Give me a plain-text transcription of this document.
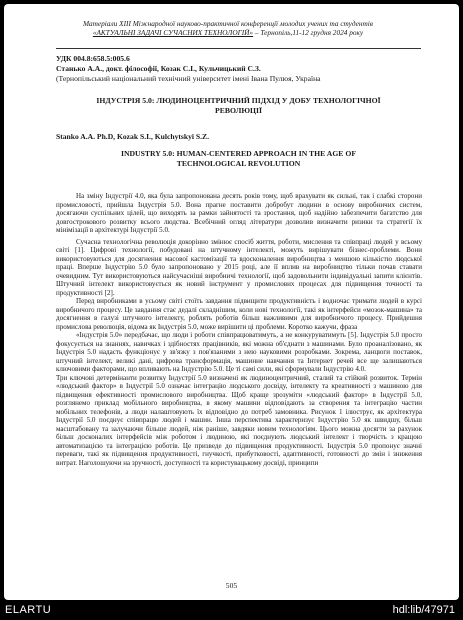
Матеріали XIII Міжнародної науково-практичної конференції молодих учених та студентів
«АКТУАЛЬНІ ЗАДАЧІ СУЧАСНИХ ТЕХНОЛОГІЙ» – Тернопіль,11-12 грудня 2024 року
УДК 004.8:658.5:005.6
Станько А.А., докт. філософії, Козак С.І., Кульчицький С.З.
(Тернопільський національний технічний університет імені Івана Пулюя, Україна
ІНДУСТРІЯ 5.0: ЛЮДИНОЦЕНТРИЧНИЙ ПІДХІД У ДОБУ ТЕХНОЛОГІЧНОЇ РЕВОЛЮЦІЇ
Stanko A.A. Ph.D, Kozak S.I., Kulchytskyi S.Z.
INDUSTRY 5.0: HUMAN-CENTERED APPROACH IN THE AGE OF TECHNOLOGICAL REVOLUTION

На зміну Індустрії 4.0, яка була запропонована десять років тому, щоб врахувати як сильні, так і слабкі сторони промисловості, прийшла Індустрія 5.0. Вона прагне поставити добробут людини в основу виробничих систем, досягаючи суспільних цілей, що виходять за рамки зайнятості та зростання, щоб надійно забезпечити багатство для довгострокового розвитку всього людства. Всебічний огляд літератури дозволив визначити ризики та стратегії їх мінімізації в архітектурі Індустрії 5.0.

Сучасна технологічна революція докорінно змінює спосіб життя, роботи, мислення та співпраці людей у всьому світі [1]. Цифрові технології, побудовані на штучному інтелекті, можуть вирішувати бізнес-проблеми. Вони використовуються для досягнення масової кастомізації та вдосконалення виробництва з меншою кількістю людської праці. Вперше Індустрію 5.0 було запропоновано у 2015 році, але її вплив на виробництво тільки почав ставати очевидним. Тут використовуються найсучасніші виробничі технології, щоб задовольнити індивідуальні запити клієнтів. Штучний інтелект використовується як новий інструмент у промислових процесах для підвищення точності та продуктивності [2].

Перед виробниками в усьому світі стоїть завдання підвищити продуктивність і водночас тримати людей в курсі виробничого процесу. Це завдання стає дедалі складнішим, коли нові технології, такі як інтерфейси «мозок-машина» та досягнення в галузі штучного інтелекту, роблять роботів більш важливими для виробничого процесу. Прийдешня промислова революція, відома як Індустрія 5.0, може вирішити ці проблеми. Коротко кажучи, фраза

«Індустрія 5.0» передбачає, що люди і роботи співпрацюватимуть, а не конкуруватимуть [5]. Індустрія 5.0 просто фокусується на знаннях, навичках і здібностях працівників, які можна об'єднати з машинами. Було проаналізовано, як Індустрія 5.0 надасть функціонує у зв'язку з пов'язаними з нею науковими розробками. Зокрема, ланцюги поставок, штучний інтелект, великі дані, цифрова трансформація, машинне навчання та Інтернет речей все ще залишаються ключовими факторами, що впливають на Індустрію 5.0. Це ті самі сили, які сформували Індустрію 4.0.

Три ключові детермінанти розвитку Індустрії 5.0 визначені як людиноцентричний, сталий та стійкий розвиток. Термін «людський фактор» в Індустрії 5.0 означає інтеграцію людського досвіду, інтелекту та креативності з машиною для підвищення ефективності промислового виробництва. Щоб краще зрозуміти «людський фактор» в Індустрії 5.0, розглянемо приклад мобільного виробництва, в якому машини відповідають за створення та інтеграцію частин мобільних телефонів, а люди налаштовують їх відповідно до потреб замовника. Рисунок 1 ілюструє, як архітектура Індустрії 5.0 поєднує співпрацю людей і машин. Інша перспектива характеризує Індустрію 5.0 як швидшу, більш масштабовану та залучаючи більше людей, ніж раніше, завдяки новим технологіям. Цього можна досягти за рахунок більш досконалих інтерфейсів між роботом і людиною, які поєднують людський інтелект і творчість з кращою автоматизацією та інтеграцією роботів. Це призведе до підвищення продуктивності. Індустрія 5.0 пропонує значні переваги, такі як підвищення продуктивності, гнучкості, прибутковості, адаптивності, готовності до змін і зниження витрат. Наголошуючи на зручності, доступності та користувацькому досвіді, принципи

505
ELARTU	hdl:lib/47971
